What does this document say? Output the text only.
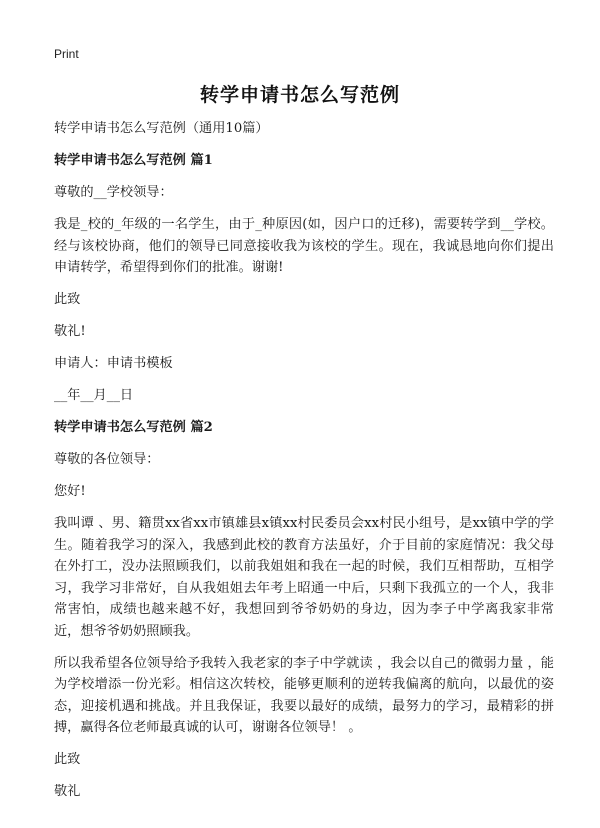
Print
转学申请书怎么写范例

转学申请书怎么写范例（通用10篇）

转学申请书怎么写范例 篇1

尊敬的__学校领导：

我是_校的_年级的一名学生，由于_种原因(如，因户口的迁移)，需要转学到__学校。经与该校协商，他们的领导已同意接收我为该校的学生。现在，我诚恳地向你们提出申请转学，希望得到你们的批准。谢谢!

此致

敬礼!

申请人：申请书模板

__年__月__日

转学申请书怎么写范例 篇2

尊敬的各位领导：

您好!

我叫谭 、男、籍贯xx省xx市镇雄县x镇xx村民委员会xx村民小组号，是xx镇中学的学生。随着我学习的深入，我感到此校的教育方法虽好，介于目前的家庭情况：我父母在外打工，没办法照顾我们，以前我姐姐和我在一起的时候，我们互相帮助，互相学习，我学习非常好，自从我姐姐去年考上昭通一中后，只剩下我孤立的一个人，我非常害怕，成绩也越来越不好，我想回到爷爷奶奶的身边，因为李子中学离我家非常近，想爷爷奶奶照顾我。

所以我希望各位领导给予我转入我老家的李子中学就读 ，我会以自己的微弱力量 ，能为学校增添一份光彩。相信这次转校，能够更顺利的逆转我偏离的航向，以最优的姿态，迎接机遇和挑战。并且我保证，我要以最好的成绩，最努力的学习，最精彩的拼搏，赢得各位老师最真诚的认可，谢谢各位领导！ 。

此致

敬礼
